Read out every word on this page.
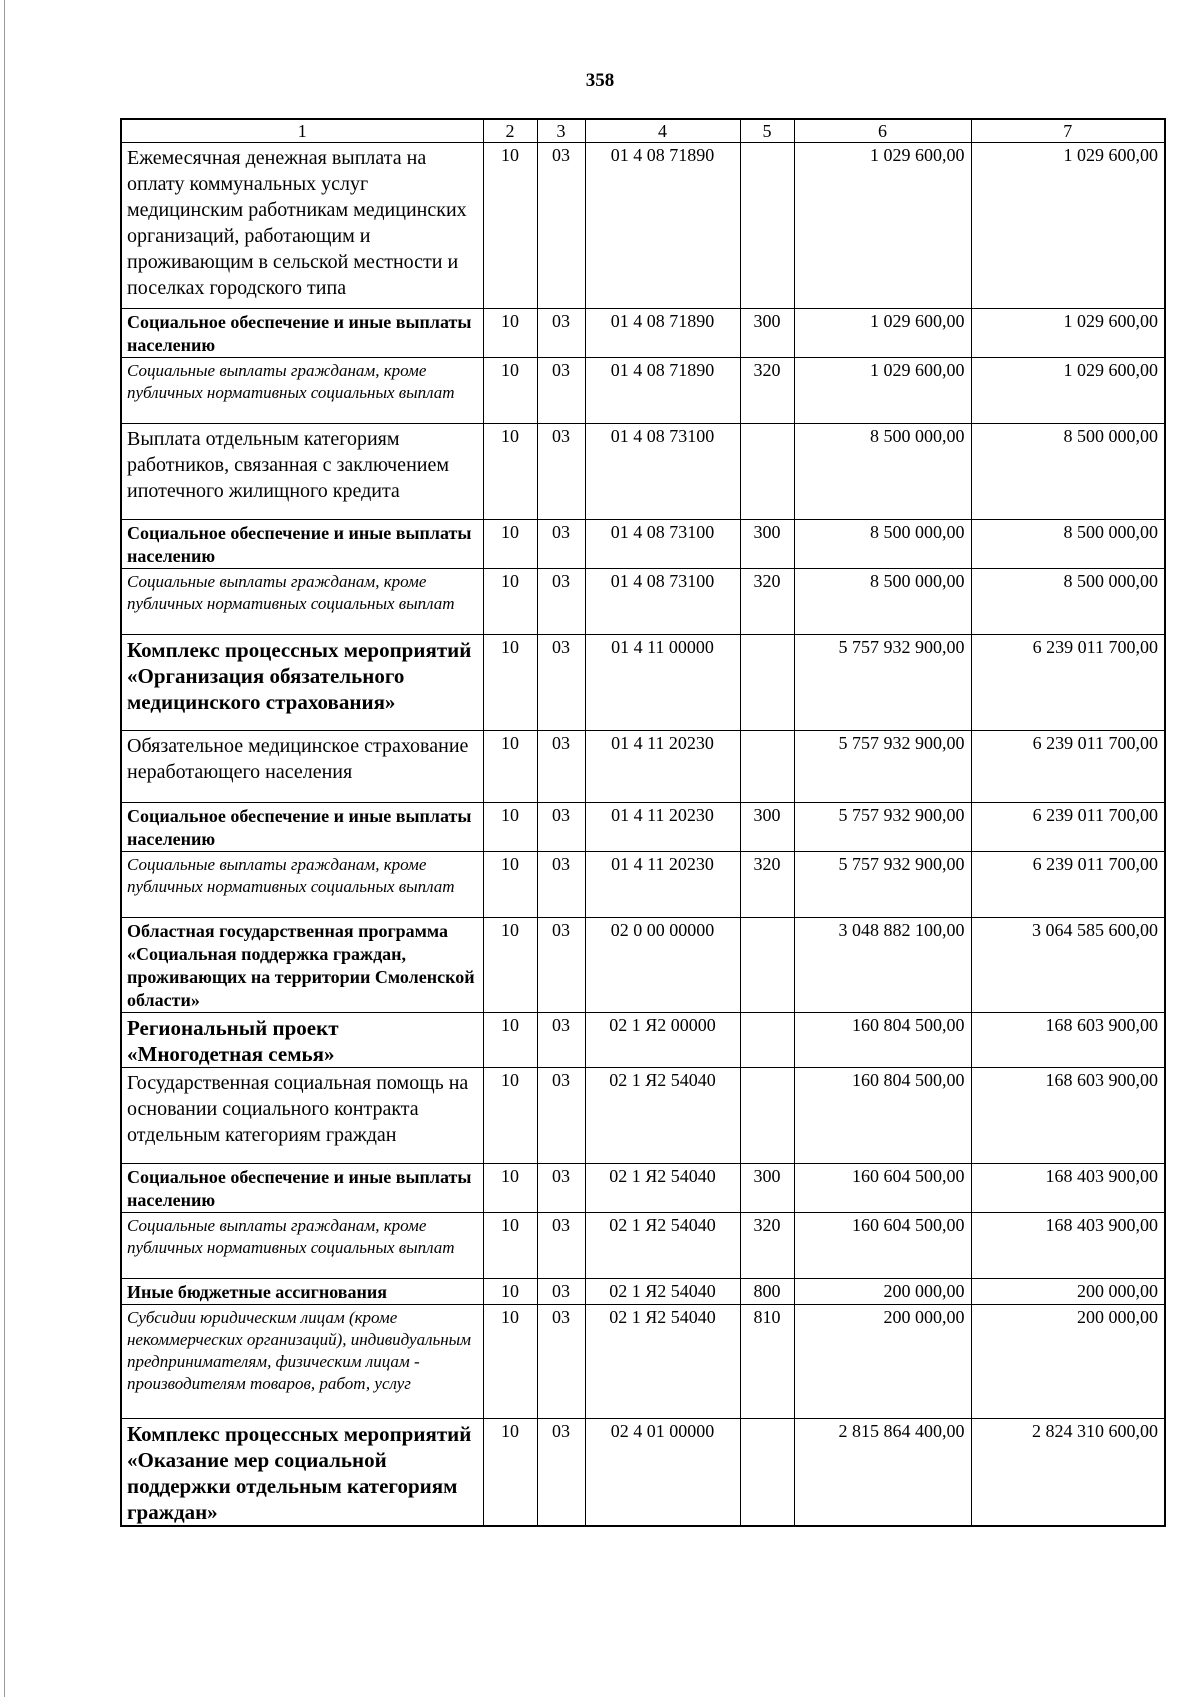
358
1	2	3	4	5	6	7
Ежемесячная денежная выплата на оплату коммунальных услуг медицинским работникам медицинских организаций, работающим и проживающим в сельской местности и поселках городского типа	10	03	01 4 08 71890		1 029 600,00	1 029 600,00
Социальное обеспечение и иные выплаты населению	10	03	01 4 08 71890	300	1 029 600,00	1 029 600,00
Социальные выплаты гражданам, кроме публичных нормативных социальных выплат	10	03	01 4 08 71890	320	1 029 600,00	1 029 600,00
Выплата отдельным категориям работников, связанная с заключением ипотечного жилищного кредита	10	03	01 4 08 73100		8 500 000,00	8 500 000,00
Социальное обеспечение и иные выплаты населению	10	03	01 4 08 73100	300	8 500 000,00	8 500 000,00
Социальные выплаты гражданам, кроме публичных нормативных социальных выплат	10	03	01 4 08 73100	320	8 500 000,00	8 500 000,00
Комплекс процессных мероприятий «Организация обязательного медицинского страхования»	10	03	01 4 11 00000		5 757 932 900,00	6 239 011 700,00
Обязательное медицинское страхование неработающего населения	10	03	01 4 11 20230		5 757 932 900,00	6 239 011 700,00
Социальное обеспечение и иные выплаты населению	10	03	01 4 11 20230	300	5 757 932 900,00	6 239 011 700,00
Социальные выплаты гражданам, кроме публичных нормативных социальных выплат	10	03	01 4 11 20230	320	5 757 932 900,00	6 239 011 700,00
Областная государственная программа «Социальная поддержка граждан, проживающих на территории Смоленской области»	10	03	02 0 00 00000		3 048 882 100,00	3 064 585 600,00
Региональный проект «Многодетная семья»	10	03	02 1 Я2 00000		160 804 500,00	168 603 900,00
Государственная социальная помощь на основании социального контракта отдельным категориям граждан	10	03	02 1 Я2 54040		160 804 500,00	168 603 900,00
Социальное обеспечение и иные выплаты населению	10	03	02 1 Я2 54040	300	160 604 500,00	168 403 900,00
Социальные выплаты гражданам, кроме публичных нормативных социальных выплат	10	03	02 1 Я2 54040	320	160 604 500,00	168 403 900,00
Иные бюджетные ассигнования	10	03	02 1 Я2 54040	800	200 000,00	200 000,00
Субсидии юридическим лицам (кроме некоммерческих организаций), индивидуальным предпринимателям, физическим лицам - производителям товаров, работ, услуг	10	03	02 1 Я2 54040	810	200 000,00	200 000,00
Комплекс процессных мероприятий «Оказание мер социальной поддержки отдельным категориям граждан»	10	03	02 4 01 00000		2 815 864 400,00	2 824 310 600,00
